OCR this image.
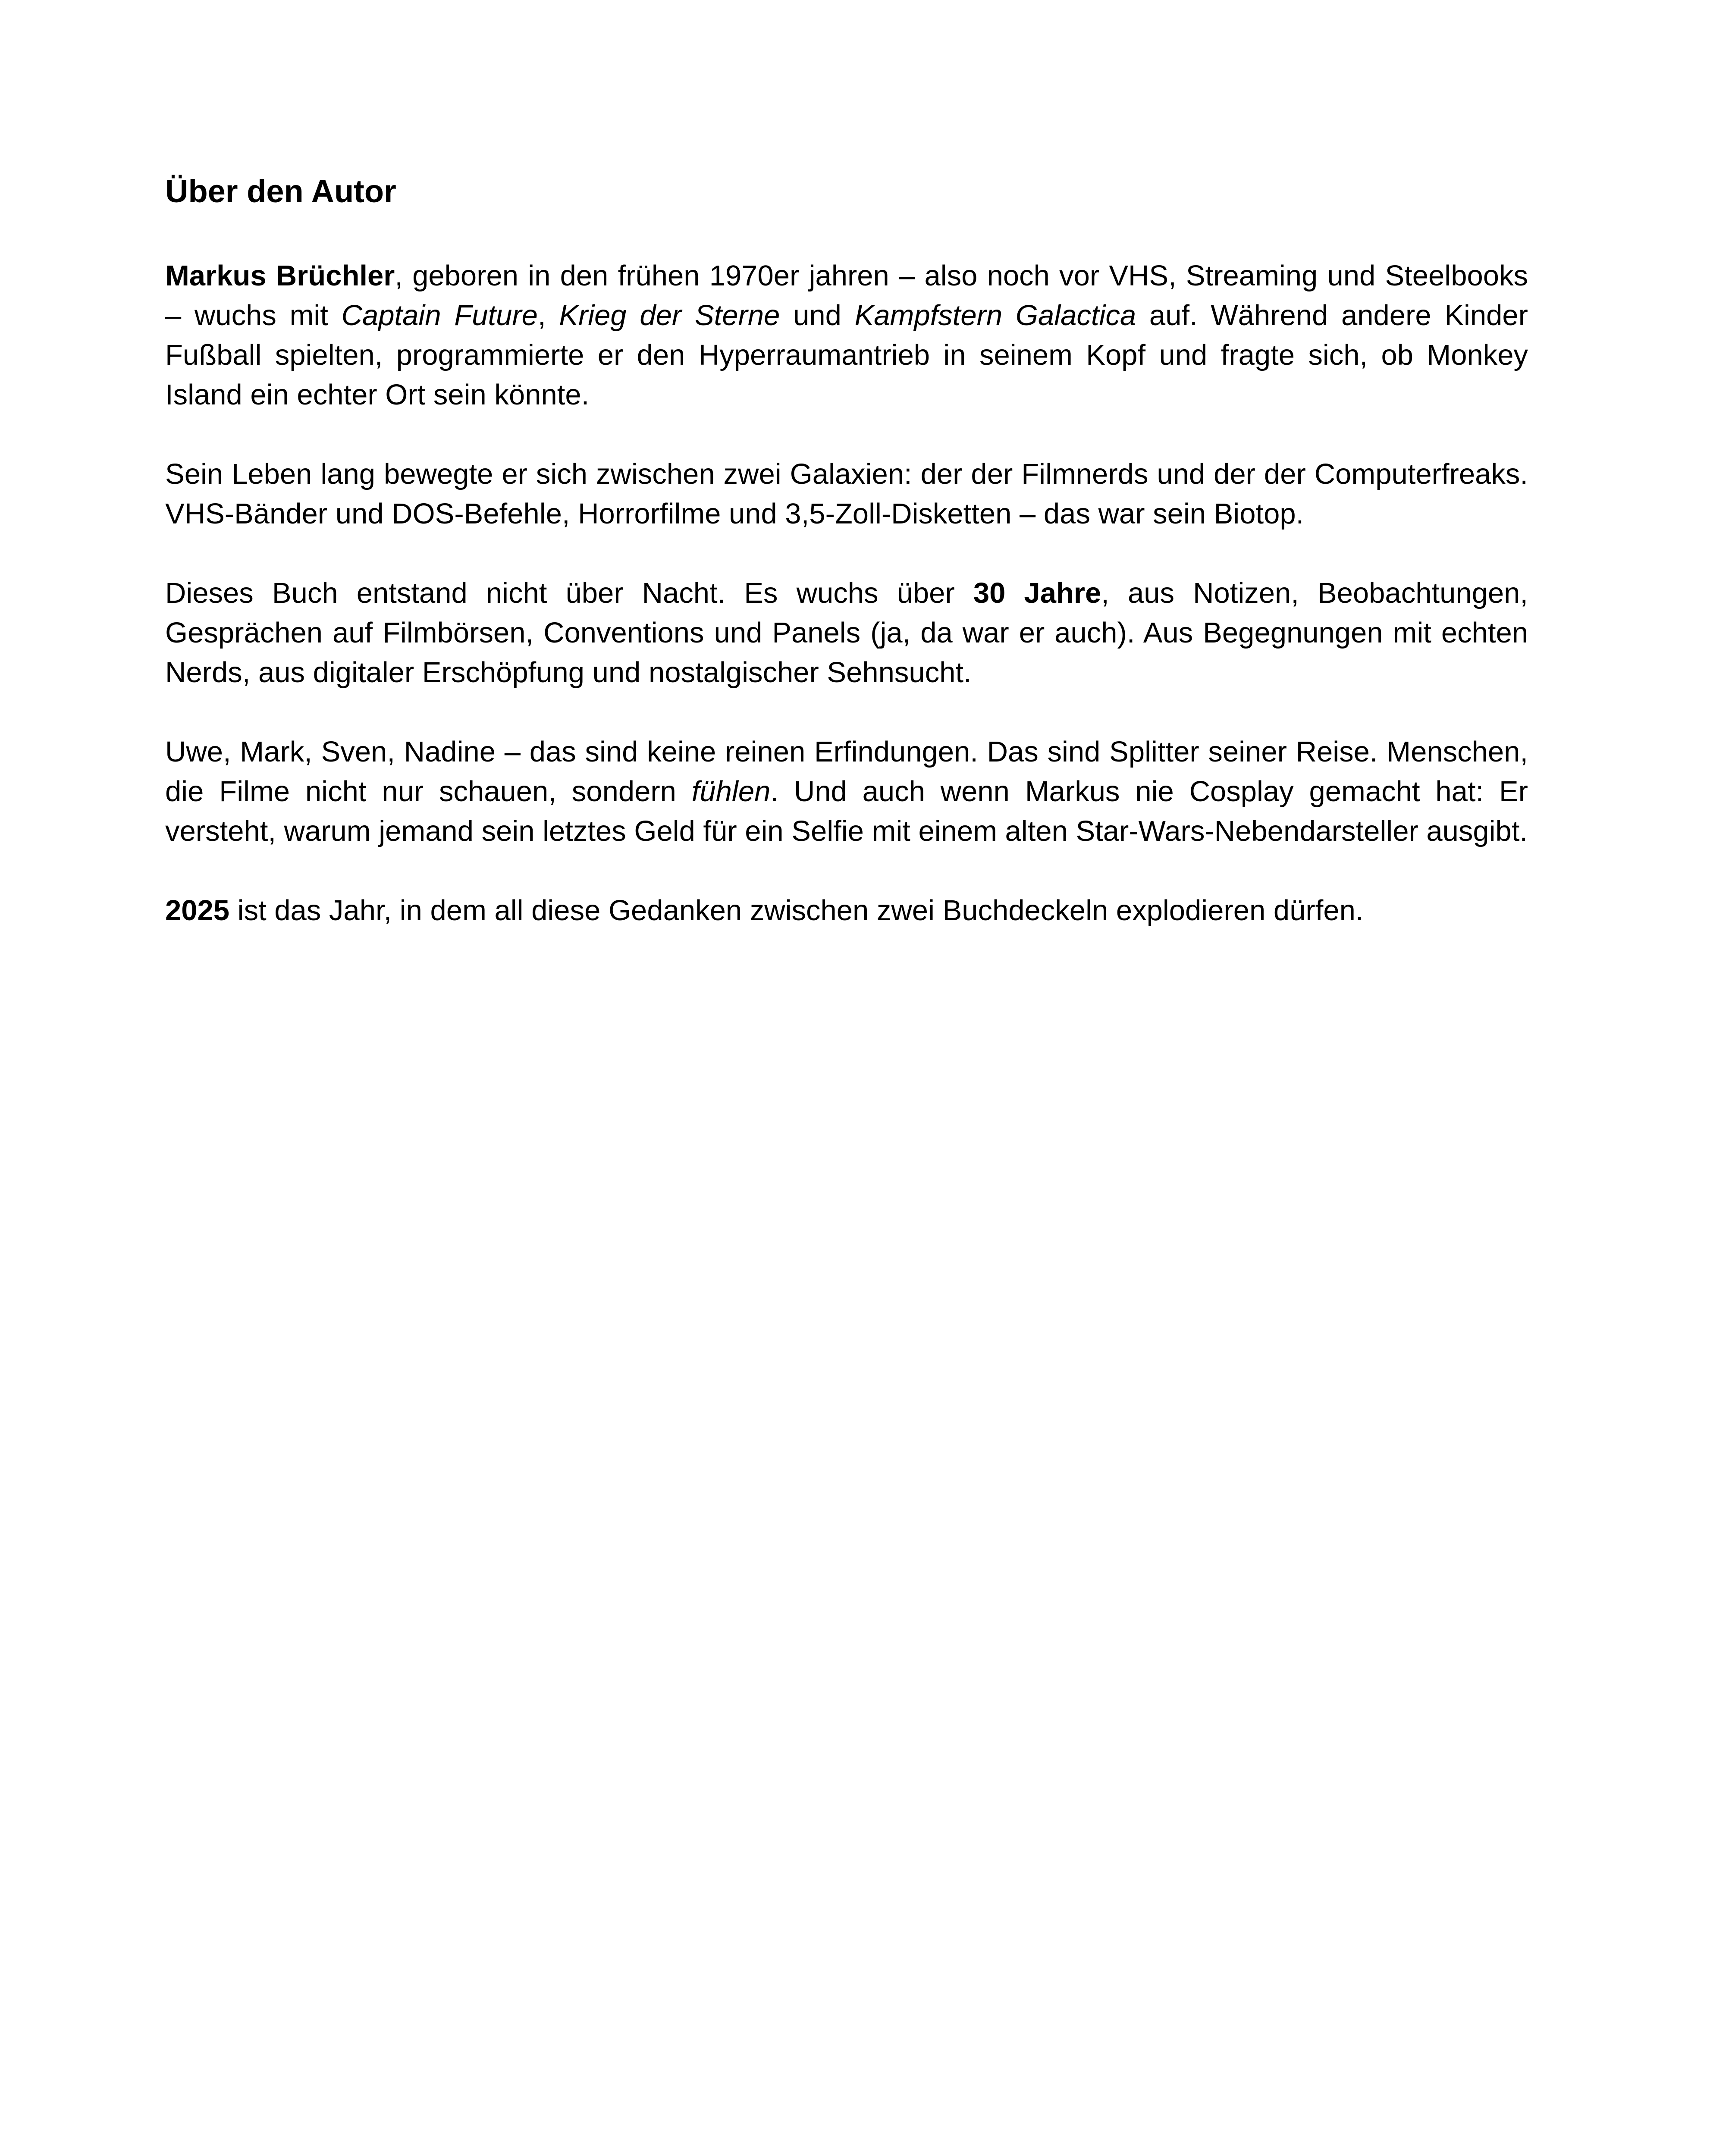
Über den Autor

Markus Brüchler, geboren in den frühen 1970er jahren – also noch vor VHS, Streaming und Steelbooks – wuchs mit Captain Future, Krieg der Sterne und Kampfstern Galactica auf. Während andere Kinder Fußball spielten, programmierte er den Hyperraumantrieb in seinem Kopf und fragte sich, ob Monkey Island ein echter Ort sein könnte.

Sein Leben lang bewegte er sich zwischen zwei Galaxien: der der Filmnerds und der der Computerfreaks. VHS-Bänder und DOS-Befehle, Horrorfilme und 3,5-Zoll-Disketten – das war sein Biotop.

Dieses Buch entstand nicht über Nacht. Es wuchs über 30 Jahre, aus Notizen, Beobachtungen, Gesprächen auf Filmbörsen, Conventions und Panels (ja, da war er auch). Aus Begegnungen mit echten Nerds, aus digitaler Erschöpfung und nostalgischer Sehnsucht.

Uwe, Mark, Sven, Nadine – das sind keine reinen Erfindungen. Das sind Splitter seiner Reise. Menschen, die Filme nicht nur schauen, sondern fühlen. Und auch wenn Markus nie Cosplay gemacht hat: Er versteht, warum jemand sein letztes Geld für ein Selfie mit einem alten Star-Wars-Nebendarsteller ausgibt.

2025 ist das Jahr, in dem all diese Gedanken zwischen zwei Buchdeckeln explodieren dürfen.
